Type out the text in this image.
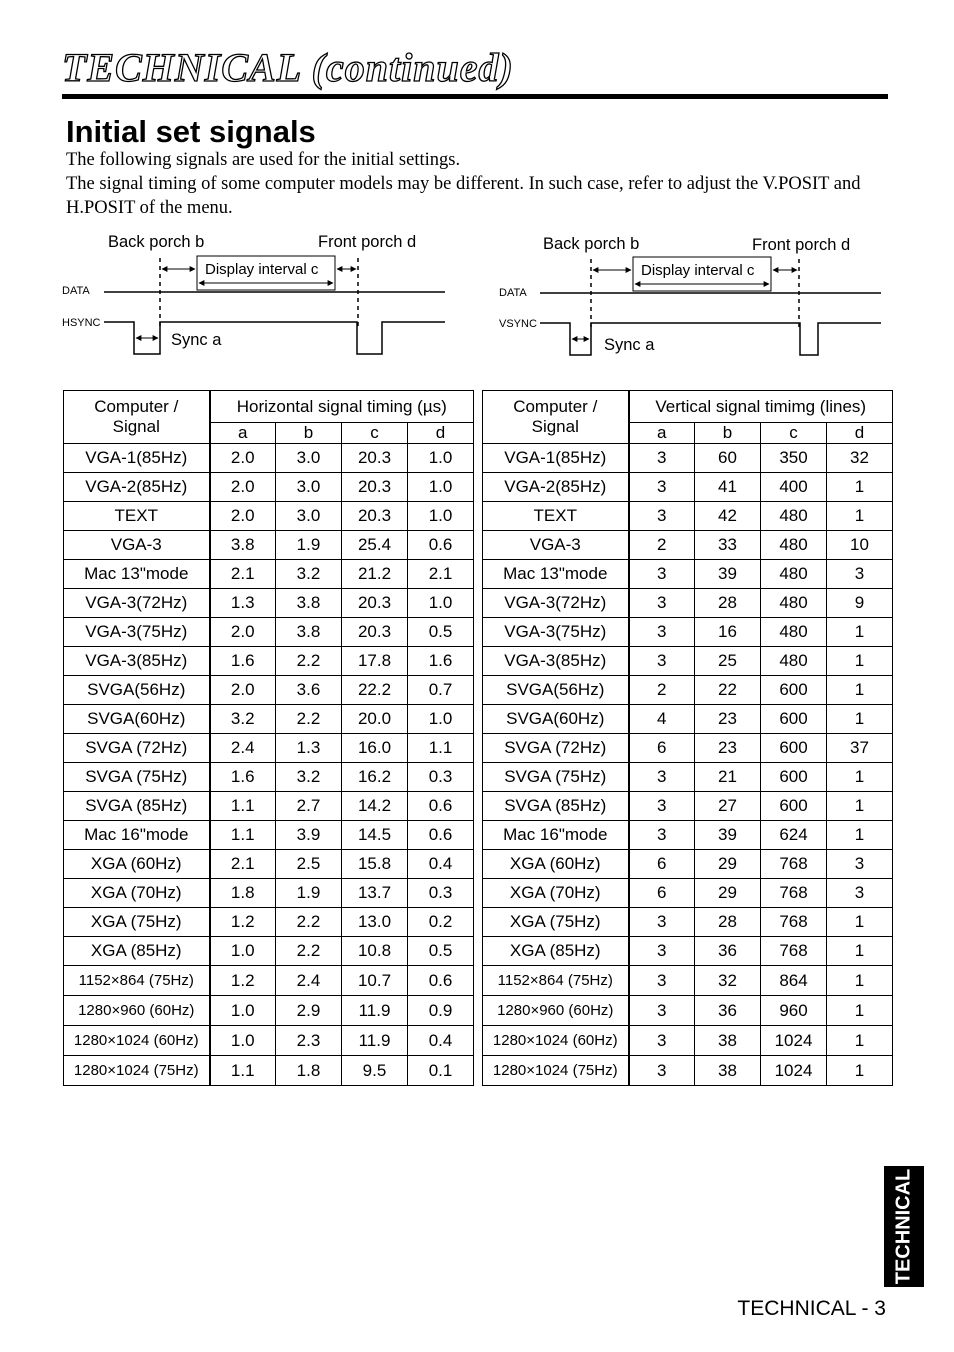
TECHNICAL (continued)
Initial set signals

The following signals are used for the initial settings.

The signal timing of some computer models may be different. In such case, refer to adjust the V.POSIT and H.POSIT of the menu.

Back porch b	Front porch d
Display interval c
DATA
HSYNC
Sync a
Back porch b	Front porch d
Display interval c
DATA
VSYNC
Sync a
Computer / Signal	Horizontal signal timing (µs)			
	a	b	c	d
VGA-1(85Hz)	2.0	3.0	20.3	1.0
VGA-2(85Hz)	2.0	3.0	20.3	1.0
TEXT	2.0	3.0	20.3	1.0
VGA-3	3.8	1.9	25.4	0.6
Mac 13"mode	2.1	3.2	21.2	2.1
VGA-3(72Hz)	1.3	3.8	20.3	1.0
VGA-3(75Hz)	2.0	3.8	20.3	0.5
VGA-3(85Hz)	1.6	2.2	17.8	1.6
SVGA(56Hz)	2.0	3.6	22.2	0.7
SVGA(60Hz)	3.2	2.2	20.0	1.0
SVGA (72Hz)	2.4	1.3	16.0	1.1
SVGA (75Hz)	1.6	3.2	16.2	0.3
SVGA (85Hz)	1.1	2.7	14.2	0.6
Mac 16"mode	1.1	3.9	14.5	0.6
XGA (60Hz)	2.1	2.5	15.8	0.4
XGA (70Hz)	1.8	1.9	13.7	0.3
XGA (75Hz)	1.2	2.2	13.0	0.2
XGA (85Hz)	1.0	2.2	10.8	0.5
1152×864 (75Hz)	1.2	2.4	10.7	0.6
1280×960 (60Hz)	1.0	2.9	11.9	0.9
1280×1024 (60Hz)	1.0	2.3	11.9	0.4
1280×1024 (75Hz)	1.1	1.8	9.5	0.1
Computer / Signal	Vertical signal timimg (lines)			
	a	b	c	d
VGA-1(85Hz)	3	60	350	32
VGA-2(85Hz)	3	41	400	1
TEXT	3	42	480	1
VGA-3	2	33	480	10
Mac 13"mode	3	39	480	3
VGA-3(72Hz)	3	28	480	9
VGA-3(75Hz)	3	16	480	1
VGA-3(85Hz)	3	25	480	1
SVGA(56Hz)	2	22	600	1
SVGA(60Hz)	4	23	600	1
SVGA (72Hz)	6	23	600	37
SVGA (75Hz)	3	21	600	1
SVGA (85Hz)	3	27	600	1
Mac 16"mode	3	39	624	1
XGA (60Hz)	6	29	768	3
XGA (70Hz)	6	29	768	3
XGA (75Hz)	3	28	768	1
XGA (85Hz)	3	36	768	1
1152×864 (75Hz)	3	32	864	1
1280×960 (60Hz)	3	36	960	1
1280×1024 (60Hz)	3	38	1024	1
1280×1024 (75Hz)	3	38	1024	1
TECHNICAL

TECHNICAL - 3
